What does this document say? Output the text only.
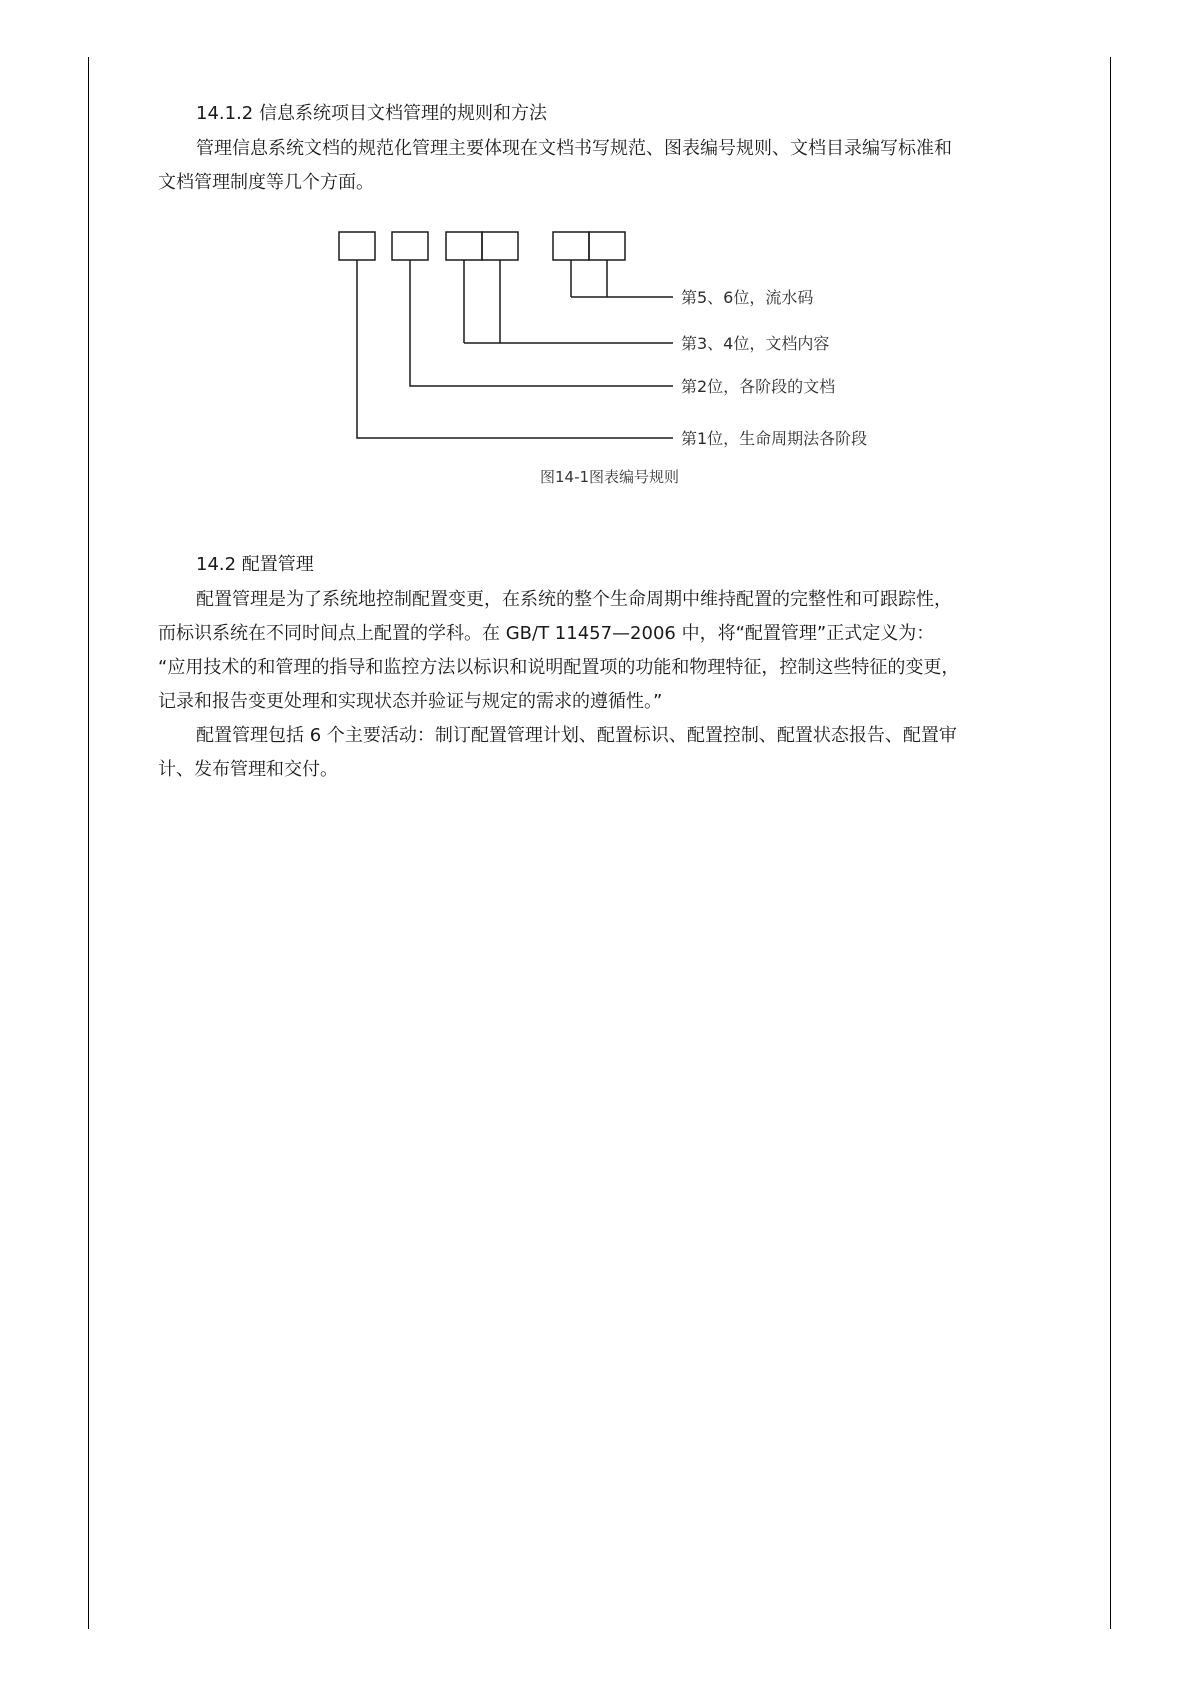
14.1.2 信息系统项目文档管理的规则和方法
管理信息系统文档的规范化管理主要体现在文档书写规范、图表编号规则、文档目录编写标准和
文档管理制度等几个方面。
第5、6位，流水码
第3、4位，文档内容
第2位，各阶段的文档
第1位，生命周期法各阶段
图14-1图表编号规则
14.2 配置管理
配置管理是为了系统地控制配置变更，在系统的整个生命周期中维持配置的完整性和可跟踪性，
而标识系统在不同时间点上配置的学科。在 GB/T 11457—2006 中，将“配置管理”正式定义为：
“应用技术的和管理的指导和监控方法以标识和说明配置项的功能和物理特征，控制这些特征的变更，
记录和报告变更处理和实现状态并验证与规定的需求的遵循性。”
配置管理包括 6 个主要活动：制订配置管理计划、配置标识、配置控制、配置状态报告、配置审
计、发布管理和交付。
